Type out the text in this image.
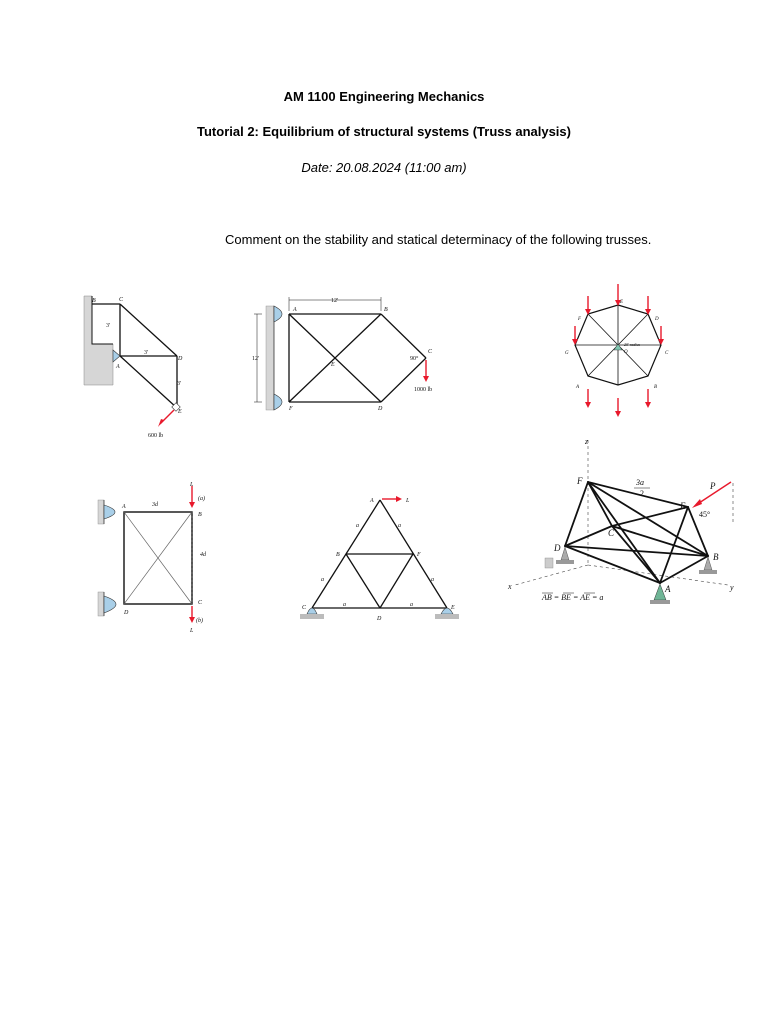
AM 1100 Engineering Mechanics
Tutorial 2: Equilibrium of structural systems (Truss analysis)
Date: 20.08.2024 (11:00 am)
Comment on the stability and statical determinacy of the following trusses.
B	C
A
D
E
3'
3'
3'
600 lb
A	B
C
D
E
F
12'
12'	90°
1000 lb
E
F	D
G	O	C
B
A
20' radius
A
B
C
D
3d
4d
L
L
(a)
(b)
A
B	F
C
D
E
L
a	a
a	a
a	a
F
E
C
D
B
A
P
45°
3a
2
z
x	y
AB = BE = AE = a
